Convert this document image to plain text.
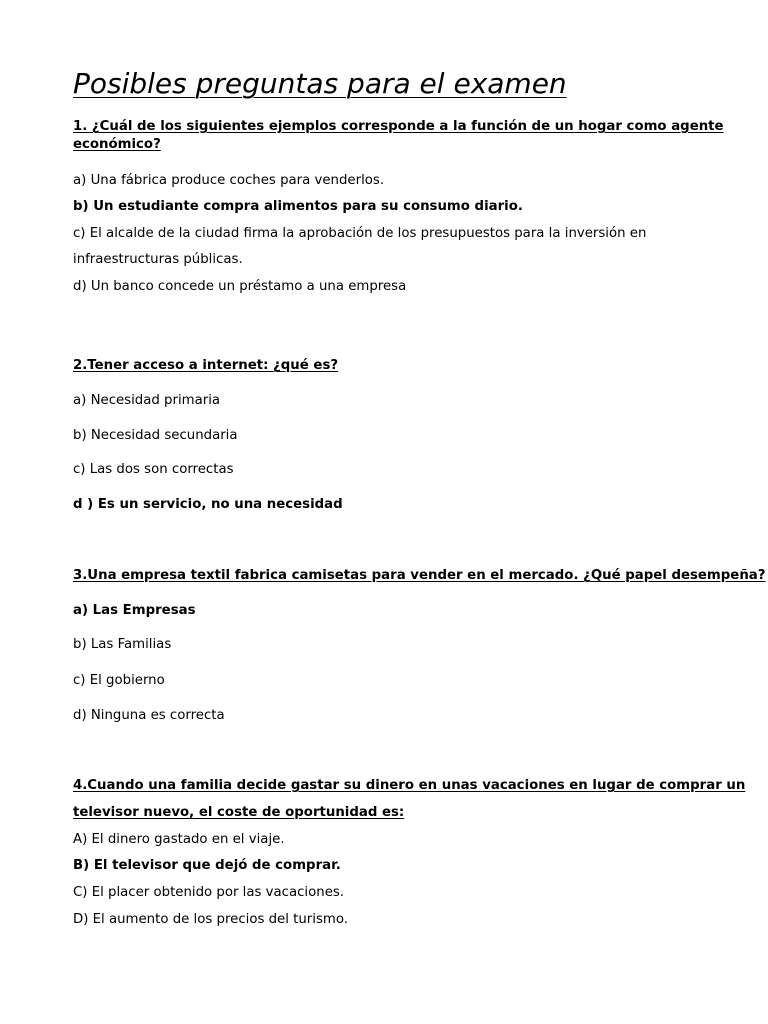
Posibles preguntas para el examen
1. ¿Cuál de los siguientes ejemplos corresponde a la función de un hogar como agente
económico?
a) Una fábrica produce coches para venderlos.
b) Un estudiante compra alimentos para su consumo diario.
c) El alcalde de la ciudad firma la aprobación de los presupuestos para la inversión en
infraestructuras públicas.
d) Un banco concede un préstamo a una empresa
2.Tener acceso a internet: ¿qué es?
a) Necesidad primaria
b) Necesidad secundaria
c) Las dos son correctas
d ) Es un servicio, no una necesidad
3.Una empresa textil fabrica camisetas para vender en el mercado. ¿Qué papel desempeña?
a) Las Empresas
b) Las Familias
c) El gobierno
d) Ninguna es correcta
4.Cuando una familia decide gastar su dinero en unas vacaciones en lugar de comprar un
televisor nuevo, el coste de oportunidad es:
A) El dinero gastado en el viaje.
B) El televisor que dejó de comprar.
C) El placer obtenido por las vacaciones.
D) El aumento de los precios del turismo.
